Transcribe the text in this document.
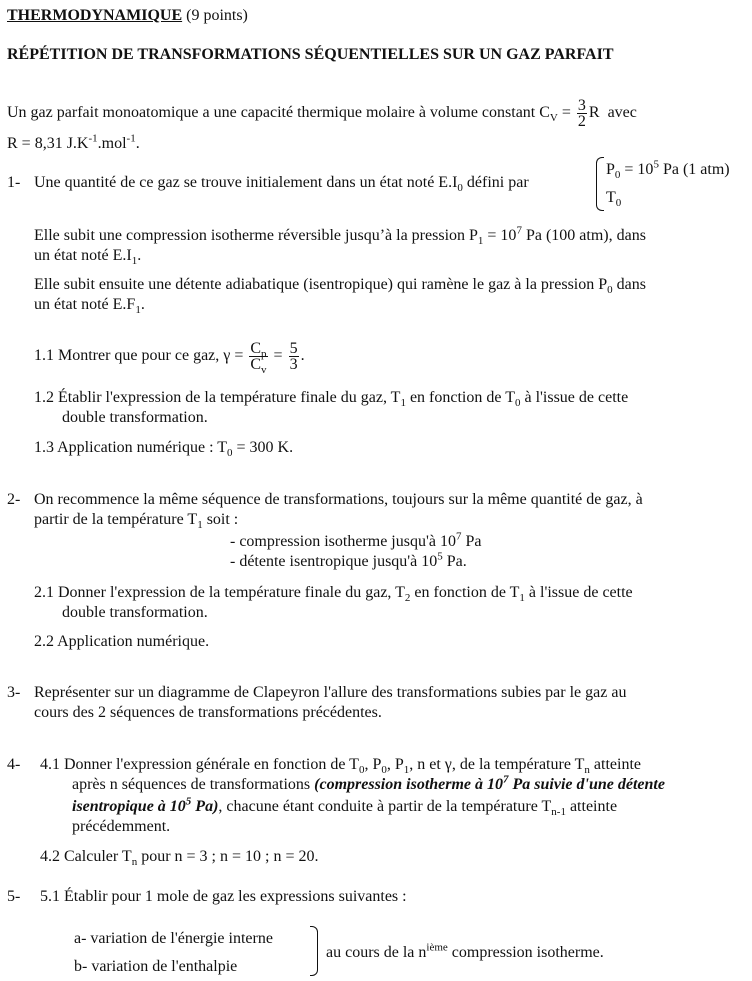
THERMODYNAMIQUE (9 points)
RÉPÉTITION DE TRANSFORMATIONS SÉQUENTIELLES SUR UN GAZ PARFAIT
Un gaz parfait monoatomique a une capacité thermique molaire à volume constant $C_V = \frac{3}{2}$ R avec
R = 8,31 $J.K^{-1}.mol^{-1}$.
1- Une quantité de ce gaz se trouve initialement dans un état noté $E.I_0$ défini par
$P_0 = 10^5$ Pa (1 atm)
$T_0$
Elle subit une compression isotherme réversible jusqu’à la pression $P_1 = 10^7$ Pa (100 atm), dans
un état noté $E.I_1$.
Elle subit ensuite une détente adiabatique (isentropique) qui ramène le gaz à la pression $P_0$ dans
un état noté $E.F_1$.
1.1 Montrer que pour ce gaz, $\gamma = \frac{C_p}{C_v} = \frac{5}{3}$ .
1.2 Établir l'expression de la température finale du gaz, $T_1$ en fonction de $T_0$ à l'issue de cette
double transformation.
1.3 Application numérique : $T_0 = 300$ K.
2- On recommence la même séquence de transformations, toujours sur la même quantité de gaz, à
partir de la température $T_1$ soit :
- compression isotherme jusqu'à $10^7$ Pa
- détente isentropique jusqu'à $10^5$ Pa.
2.1 Donner l'expression de la température finale du gaz, $T_2$ en fonction de $T_1$ à l'issue de cette
double transformation.
2.2 Application numérique.
3- Représenter sur un diagramme de Clapeyron l'allure des transformations subies par le gaz au
cours des 2 séquences de transformations précédentes.
4- 4.1 Donner l'expression générale en fonction de $T_0$, $P_0$, $P_1$, n et γ, de la température $T_n$ atteinte
après n séquences de transformations (compression isotherme à $10^7$ Pa suivie d'une détente
isentropique à $10^5$ Pa), chacune étant conduite à partir de la température $T_{n-1}$ atteinte
précédemment.
4.2 Calculer $T_n$ pour n = 3 ; n = 10 ; n = 20.
5- 5.1 Établir pour 1 mole de gaz les expressions suivantes :
a- variation de l'énergie interne
b- variation de l'enthalpie
au cours de la $n^{ième}$ compression isotherme.
